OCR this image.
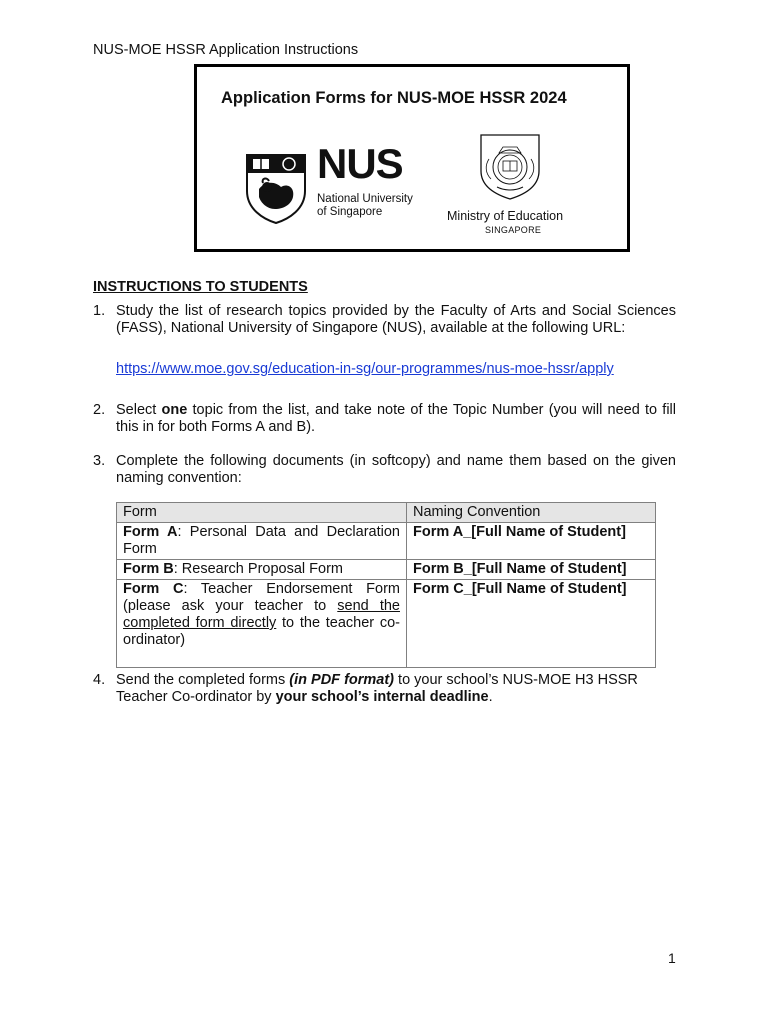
NUS-MOE HSSR Application Instructions
Application Forms for NUS-MOE HSSR 2024
NUS
National University
of Singapore	Ministry of Education
SINGAPORE
INSTRUCTIONS TO STUDENTS
1. Study the list of research topics provided by the Faculty of Arts and Social Sciences (FASS), National University of Singapore (NUS), available at the following URL:
https://www.moe.gov.sg/education-in-sg/our-programmes/nus-moe-hssr/apply
2. Select one topic from the list, and take note of the Topic Number (you will need to fill this in for both Forms A and B).
3. Complete the following documents (in softcopy) and name them based on the given naming convention:
Form	Naming Convention
Form A: Personal Data and Declaration Form	Form A_[Full Name of Student]
Form B: Research Proposal Form	Form B_[Full Name of Student]
Form C: Teacher Endorsement Form (please ask your teacher to send the completed form directly to the teacher co-ordinator)	Form C_[Full Name of Student]
4. Send the completed forms (in PDF format) to your school’s NUS-MOE H3 HSSR Teacher Co-ordinator by your school’s internal deadline.
1
